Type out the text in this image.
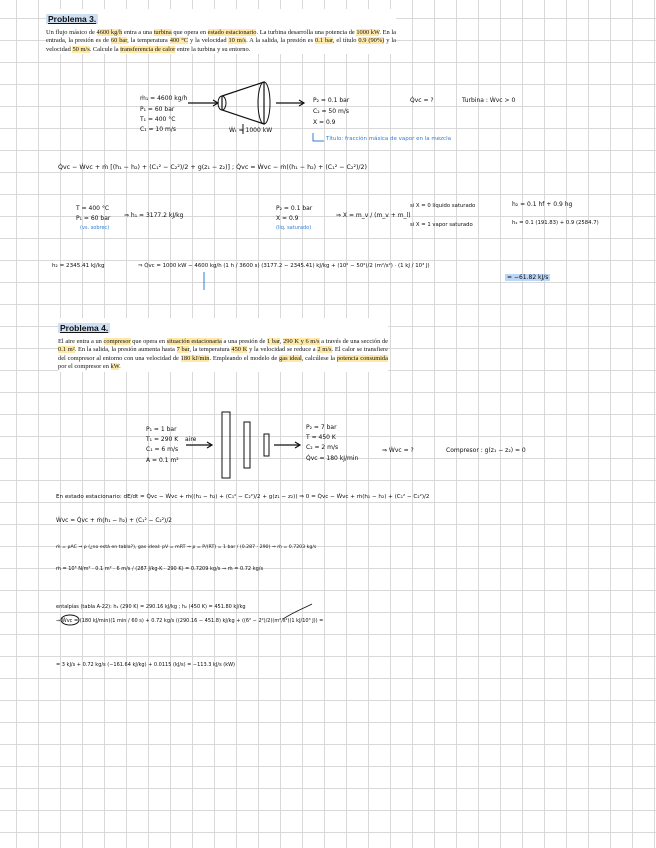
Problema 3.
Un flujo másico de 4600 kg/h entra a una turbina que opera en estado estacionario. La turbina desarrolla una potencia de 1000 kW. En la entrada, la presión es de 60 bar, la temperatura 400 °C y la velocidad 10 m/s. A la salida, la presión es 0.1 bar, el título 0.9 (90%) y la velocidad 50 m/s. Calcule la transferencia de calor entre la turbina y su entorno.
ṁ₁ = 4600 kg/h
P₁ = 60 bar
T₁ = 400 °C
C₁ = 10 m/s
P₂ = 0.1 bar
C₂ = 50 m/s
X = 0.9
Ẇₜ = 1000 kW
Q̇vc = ?	Turbina : Ẇvc > 0
Título: fracción másica de vapor en la mezcla
Q̇vc − Ẇvc + ṁ [(h₁ − h₂) + (C₁² − C₂²)/2 + g(z₁ − z₂)] ; Q̇vc = Ẇvc − ṁ((h₁ − h₂) + (C₁² − C₂²)/2)
T = 400 °C
P₁ = 60 bar
(vs. sobrec)
⇒ h₁ = 3177.2 kJ/kg
P₂ = 0.1 bar
X = 0.9
(liq. saturado)
⇒ X = m_v / (m_v + m_l)
si X = 0 líquido saturado
si X = 1 vapor saturado
h₂ = 0.1 hf + 0.9 hg
h₂ = 0.1 (191.83) + 0.9 (2584.7)
h₂ = 2345.41 kJ/kg	⇒ Q̇vc = 1000 kW − 4600 kg/h (1 h / 3600 s) (3177.2 − 2345.41) kJ/kg + (10² − 50²)/2 (m²/s²) · (1 kJ / 10³ J)
= −61.82 kJ/s
Problema 4.
El aire entra a un compresor que opera en situación estacionaria a una presión de 1 bar, 290 K y 6 m/s a través de una sección de 0.1 m². En la salida, la presión aumenta hasta 7 bar, la temperatura 450 K y la velocidad se reduce a 2 m/s. El calor se transfiere del compresor al entorno con una velocidad de 180 kJ/min. Empleando el modelo de gas ideal, calcúlese la potencia consumida por el compresor en kW.
P₁ = 1 bar
T₁ = 290 K
C₁ = 6 m/s
A = 0.1 m²
aire
P₂ = 7 bar
T = 450 K
C₂ = 2 m/s
Q̇vc = 180 kJ/min
⇒ Ẇvc = ?	Compresor : g(z₁ − z₂) = 0
En estado estacionario: dE/dt = Q̇vc − Ẇvc + ṁ((h₁ − h₂) + (C₁² − C₂²)/2 + g(z₁ − z₂)) ⇒ 0 = Q̇vc − Ẇvc + ṁ(h₁ − h₂) + (C₁² − C₂²)/2
Ẇvc = Q̇vc + ṁ(h₁ − h₂) + (C₁² − C₂²)/2
ṁ = ρAC ⇒ ρ (¿no está en tabla?), gas ideal: pV = mRT ⇒ ρ = P/(RT) = 1 bar / (0.287 · 290) ⇒ ṁ = 0.7203 kg/s
ṁ = 10⁵ N/m² · 0.1 m² · 6 m/s / (287 J/kg·K · 290 K) = 0.7209 kg/s ⇒ ṁ = 0.72 kg/s
entalpías (tabla A-22): h₁ (290 K) = 290.16 kJ/kg ; h₂ (450 K) = 451.80 kJ/kg
⇒ Ẇvc = (180 kJ/min)(1 min / 60 s) + 0.72 kg/s ((290.16 − 451.8) kJ/kg + ((6² − 2²)/2)(m²/s²)(1 kJ/10³ J)) =
= 3 kJ/s + 0.72 kg/s (−161.64 kJ/kg) + 0.0115 (kJ/s) = −113.3 kJ/s (kW)
